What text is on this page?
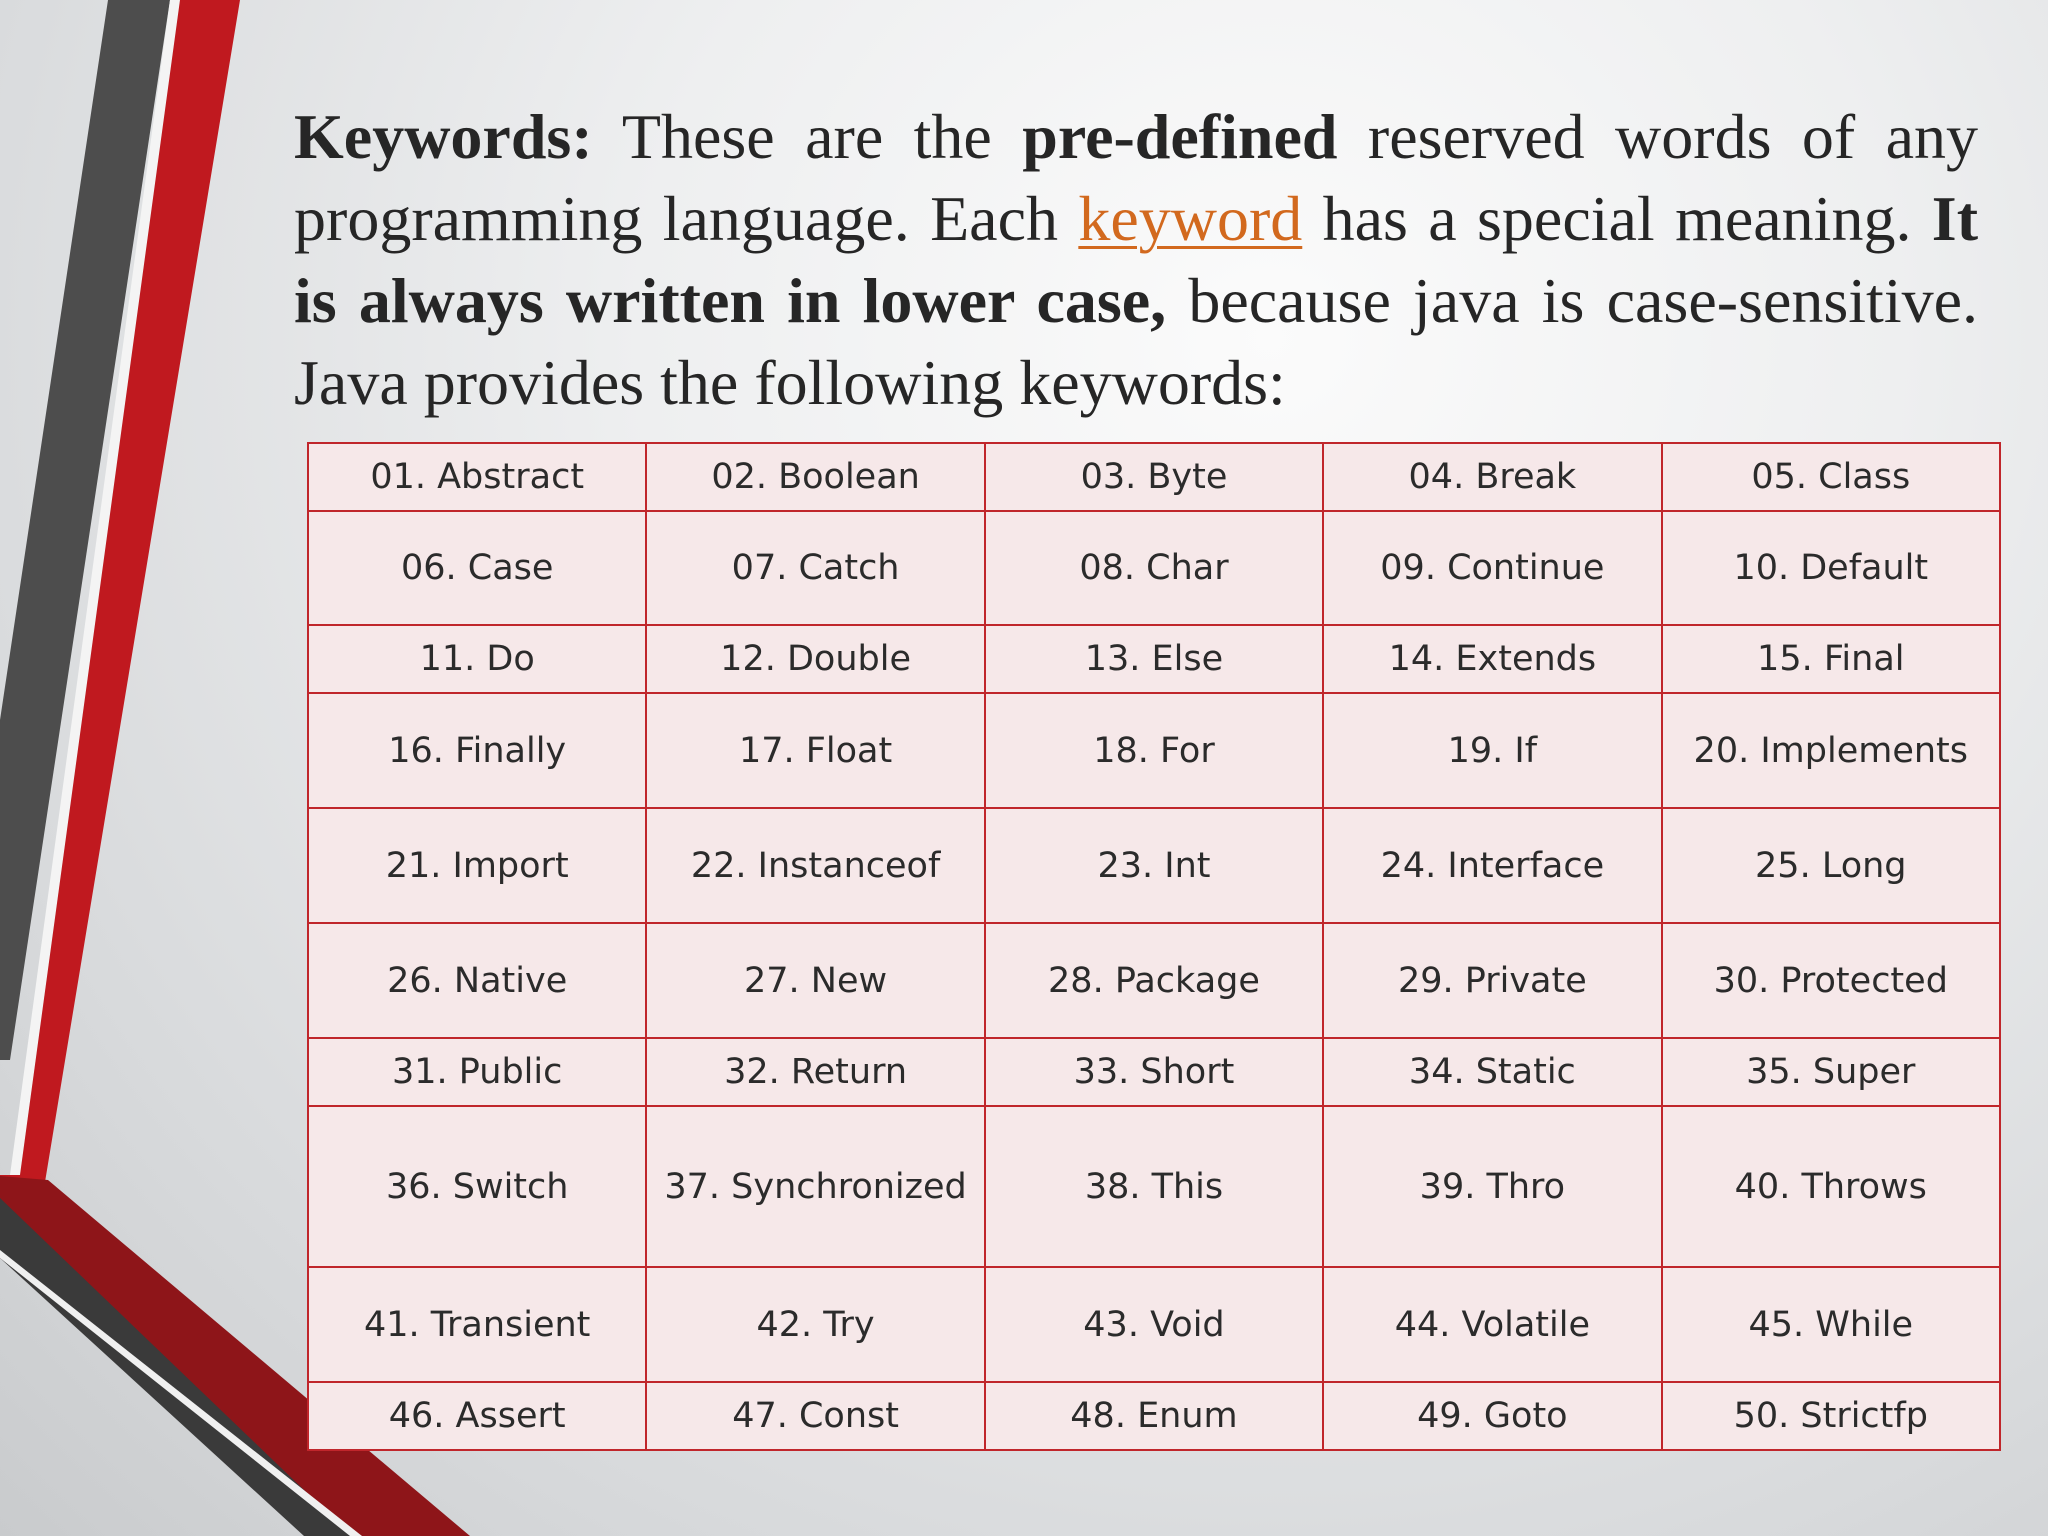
Keywords: These are the pre-defined reserved words of any programming language. Each keyword has a special meaning. It is always written in lower case, because java is case-sensitive. Java provides the following keywords:

01. Abstract	02. Boolean	03. Byte	04. Break	05. Class
06. Case	07. Catch	08. Char	09. Continue	10. Default
11. Do	12. Double	13. Else	14. Extends	15. Final
16. Finally	17. Float	18. For	19. If	20. Implements
21. Import	22. Instanceof	23. Int	24. Interface	25. Long
26. Native	27. New	28. Package	29. Private	30. Protected
31. Public	32. Return	33. Short	34. Static	35. Super
36. Switch	37. Synchronized	38. This	39. Thro	40. Throws
41. Transient	42. Try	43. Void	44. Volatile	45. While
46. Assert	47. Const	48. Enum	49. Goto	50. Strictfp
